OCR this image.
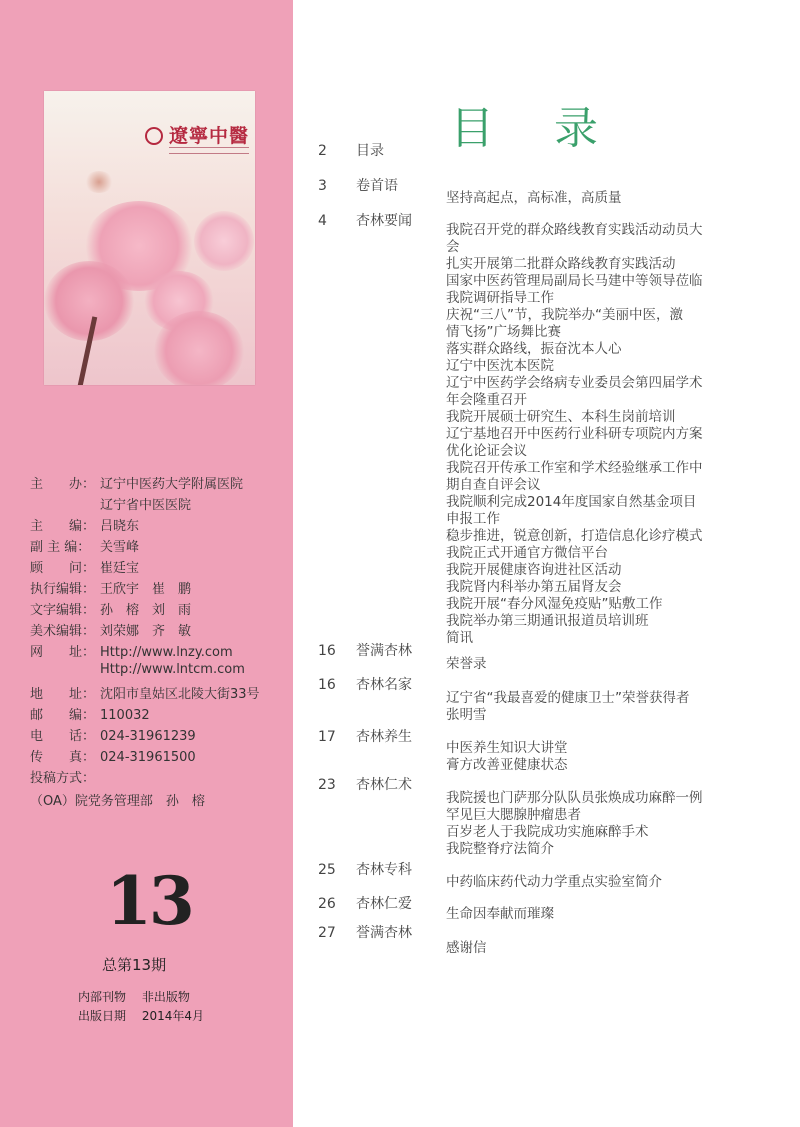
遼寧中醫
主　　办： 辽宁中医药大学附属医院
辽宁省中医医院
主　　编： 吕晓东
副 主 编： 关雪峰
顾　　问： 崔廷宝
执行编辑： 王欣宇　崔　鹏
文字编辑： 孙　榕　刘　雨
美术编辑： 刘荣娜　齐　敏
网　　址： Http://www.lnzy.com
Http://www.lntcm.com
地　　址： 沈阳市皇姑区北陵大街33号
邮　　编： 110032
电　　话： 024-31961239
传　　真： 024-31961500
投稿方式：
（OA）院党务管理部　孙　榕
13
总第13期
内部刊物　 非出版物
出版日期　 2014年4月
目录
2 目录
3 卷首语
4 杏林要闻
16 誉满杏林
16 杏林名家
17 杏林养生
23 杏林仁术
25 杏林专科
26 杏林仁爱
27 誉满杏林
坚持高起点，高标准，高质量
我院召开党的群众路线教育实践活动动员大
会
扎实开展第二批群众路线教育实践活动
国家中医药管理局副局长马建中等领导莅临
我院调研指导工作
庆祝“三八”节，我院举办“美丽中医，激
情飞扬”广场舞比赛
落实群众路线，振奋沈本人心
辽宁中医沈本医院
辽宁中医药学会络病专业委员会第四届学术
年会隆重召开
我院开展硕士研究生、本科生岗前培训
辽宁基地召开中医药行业科研专项院内方案
优化论证会议
我院召开传承工作室和学术经验继承工作中
期自查自评会议
我院顺利完成2014年度国家自然基金项目
申报工作
稳步推进，锐意创新，打造信息化诊疗模式
我院正式开通官方微信平台
我院开展健康咨询进社区活动
我院肾内科举办第五届肾友会
我院开展“春分风湿免疫贴”贴敷工作
我院举办第三期通讯报道员培训班
简讯
荣誉录
辽宁省“我最喜爱的健康卫士”荣誉获得者
张明雪
中医养生知识大讲堂
膏方改善亚健康状态
我院援也门萨那分队队员张焕成功麻醉一例
罕见巨大腮腺肿瘤患者
百岁老人于我院成功实施麻醉手术
我院整脊疗法简介
中药临床药代动力学重点实验室简介
生命因奉献而璀璨
感谢信
